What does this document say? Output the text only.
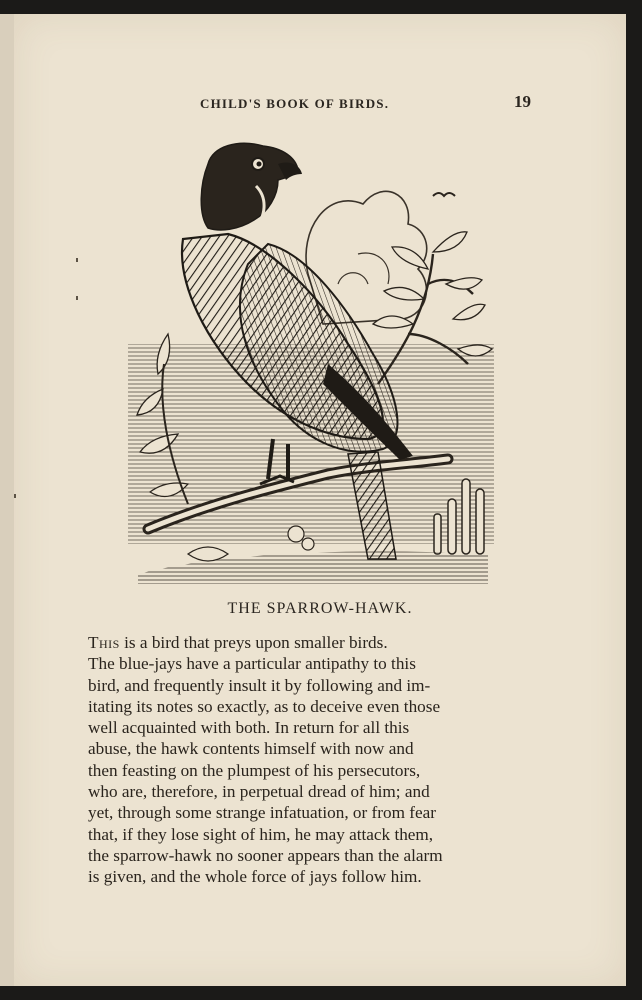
CHILD'S BOOK OF BIRDS.	19
THE SPARROW-HAWK.

This is a bird that preys upon smaller birds.

The blue-jays have a particular antipathy to this

bird, and frequently insult it by following and im-

itating its notes so exactly, as to deceive even those

well acquainted with both. In return for all this

abuse, the hawk contents himself with now and

then feasting on the plumpest of his persecutors,

who are, therefore, in perpetual dread of him; and

yet, through some strange infatuation, or from fear

that, if they lose sight of him, he may attack them,

the sparrow-hawk no sooner appears than the alarm

is given, and the whole force of jays follow him.
